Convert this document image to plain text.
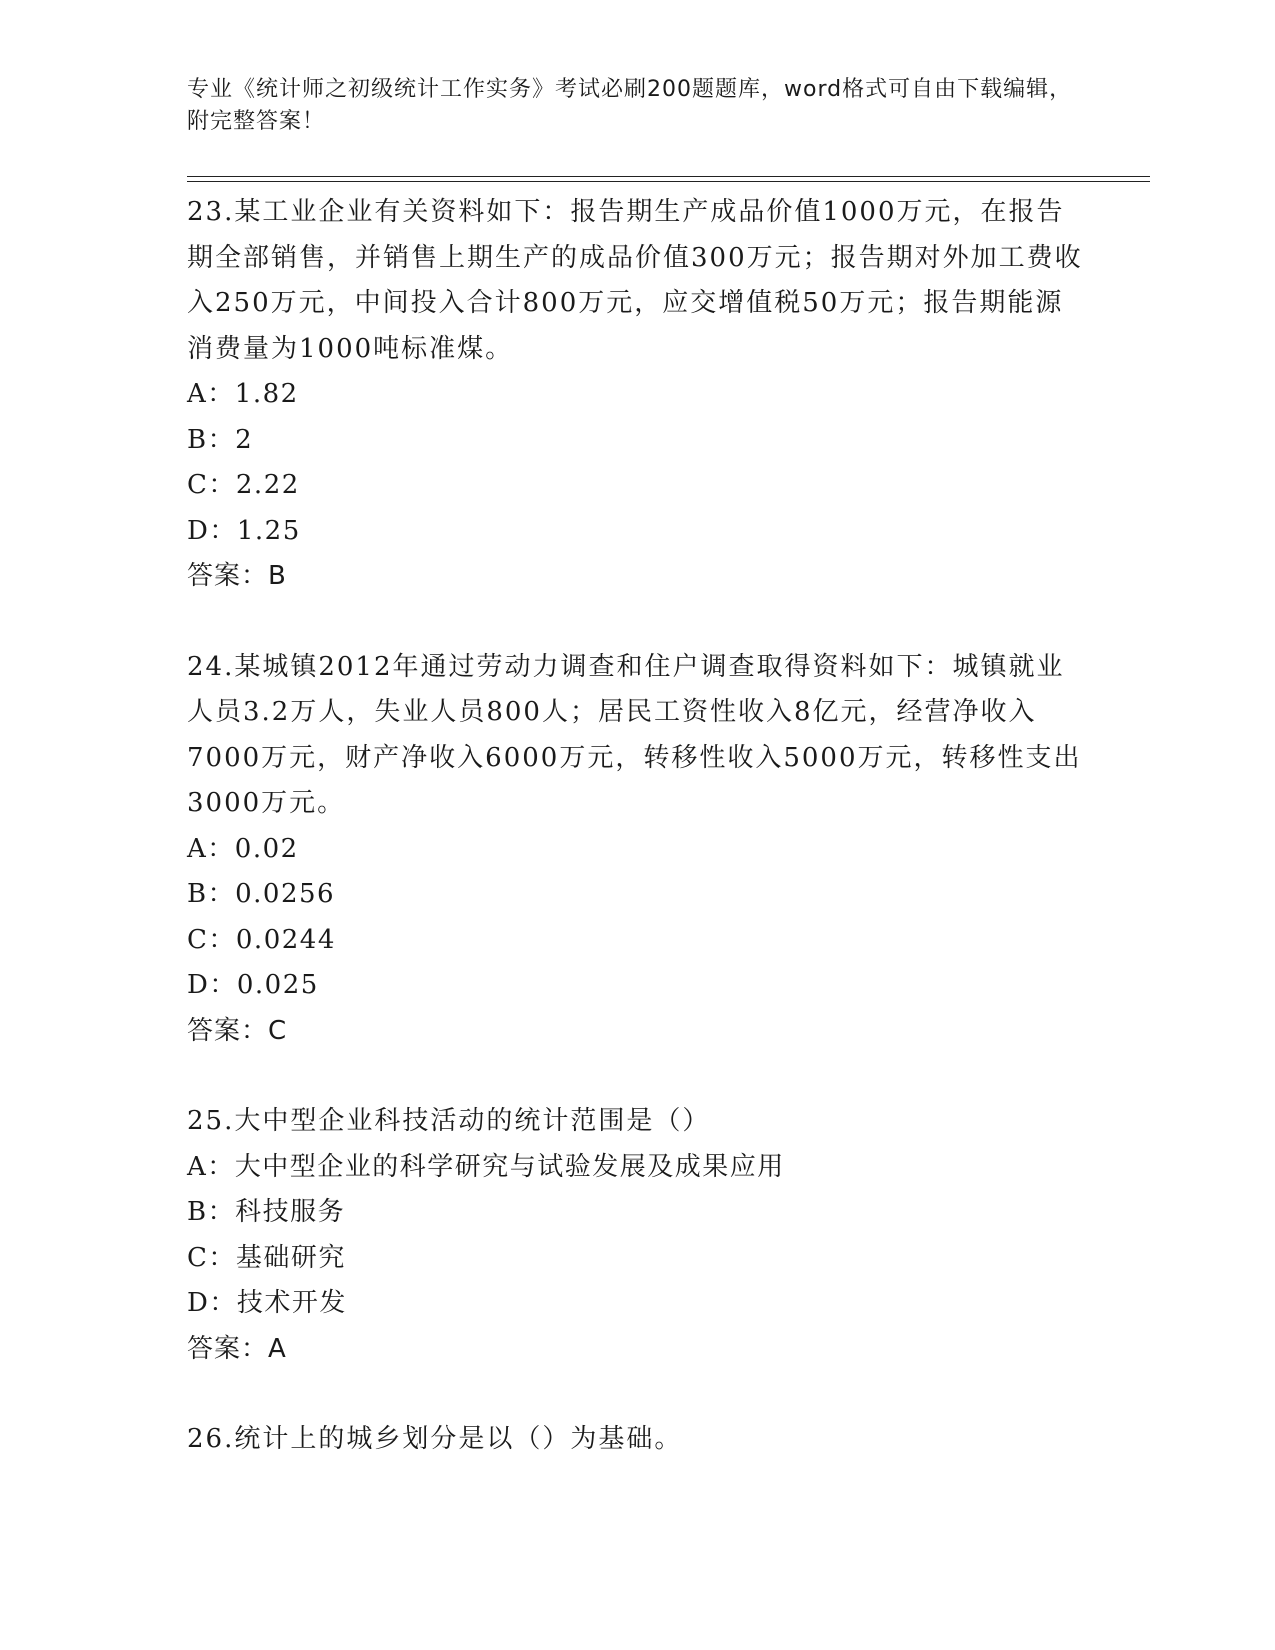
专业《统计师之初级统计工作实务》考试必刷200题题库，word格式可自由下载编辑，附完整答案！

23.某工业企业有关资料如下：报告期生产成品价值1000万元，在报告期全部销售，并销售上期生产的成品价值300万元；报告期对外加工费收入250万元，中间投入合计800万元，应交增值税50万元；报告期能源消费量为1000吨标准煤。

A：1.82

B：2

C：2.22

D：1.25

答案：B

24.某城镇2012年通过劳动力调查和住户调查取得资料如下：城镇就业人员3.2万人，失业人员800人；居民工资性收入8亿元，经营净收入7000万元，财产净收入6000万元，转移性收入5000万元，转移性支出3000万元。

A：0.02

B：0.0256

C：0.0244

D：0.025

答案：C

25.大中型企业科技活动的统计范围是（）

A：大中型企业的科学研究与试验发展及成果应用

B：科技服务

C：基础研究

D：技术开发

答案：A

26.统计上的城乡划分是以（）为基础。
